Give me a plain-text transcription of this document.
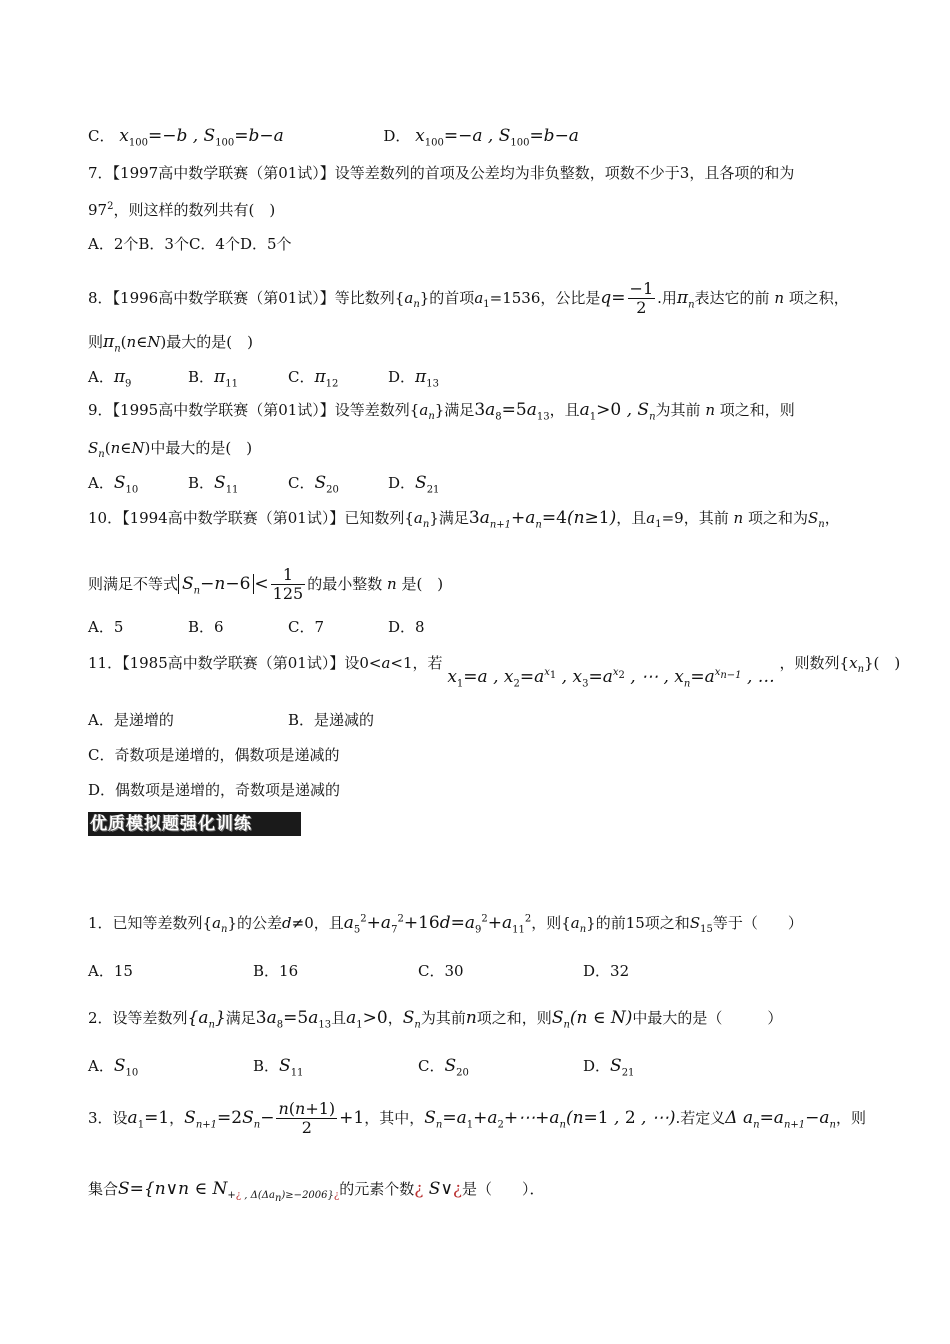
C． $x_{100}=-b$ , $S_{100}=b-a$	D． $x_{100}=-a$ , $S_{100}=b-a$
7．【1997高中数学联赛（第01试）】设等差数列的首项及公差均为非负整数，项数不少于3，且各项的和为
$97^2$，则这样的数列共有(　)
A．2个B．3个C．4个D．5个
8．【1996高中数学联赛（第01试）】等比数列$\{a_n\}$的首项$a_1=1536$，公比是$q= \frac{-1}{2}$ .用$\pi_n$表达它的前 n 项之积，
则$\pi_n(n\in N)$最大的是(　)
A．$\pi_9$	B．$\pi_{11}$	C．$\pi_{12}$	D．$\pi_{13}$
9．【1995高中数学联赛（第01试）】设等差数列$\{a_n\}$满足$3a_8=5a_{13}$，且$a_1>0$ , $S_n$为其前 n 项之和，则
$S_n(n\in N)$中最大的是(　)
A．$S_{10}$	B．$S_{11}$	C．$S_{20}$	D．$S_{21}$
10．【1994高中数学联赛（第01试）】已知数列$\{a_n\}$满足$3a_{n+1}+a_n=4(n\ge 1)$，且$a_1=9$，其前 n 项之和为$S_n$，
则满足不等式 $S_n-n-6 < \frac{1}{125}$ 的最小整数 n 是(　)
A．5	B．6	C．7	D．8
11．【1985高中数学联赛（第01试）】设0<a<1，若 $x_1=a$ , $x_2=a^{x_1}$ , $x_3=a^{x_2}$ , ⋯ , $x_n=a^{x_{n-1}}$ , … ，则数列$\{x_n\}$(　)
A．是递增的	B．是递减的
C．奇数项是递增的，偶数项是递减的
D．偶数项是递增的，奇数项是递减的
优质模拟题强化训练
1．已知等差数列$\{a_n\}$的公差d≠0，且$a_5^2+a_7^2+16d=a_9^2+a_{11}^2$，则$\{a_n\}$的前15项之和$S_{15}$等于（　　）
A．15	B．16	C．30	D．32
2．设等差数列$\{a_n\}$满足$3a_8=5a_{13}$且$a_1>0$，$S_n$为其前n项之和，则$S_n(n$ ∈ N)中最大的是（　　　）
A．$S_{10}$	B．$S_{11}$	C．$S_{20}$	D．$S_{21}$
3．设$a_1=1$，$S_{n+1}=2S_n- \frac{n(n+1)}{2} +1$，其中，$S_n=a_1+a_2+\cdots+a_n(n=1$ , 2 , ⋯).若定义Δ $a_n=a_{n+1}-a_n$，则
集合S={n∨n ∈ $N_{+¿ , \Delta(\Delta a_n)\ge-2006\}¿}$的元素个数¿ S∨¿是（　　）．
